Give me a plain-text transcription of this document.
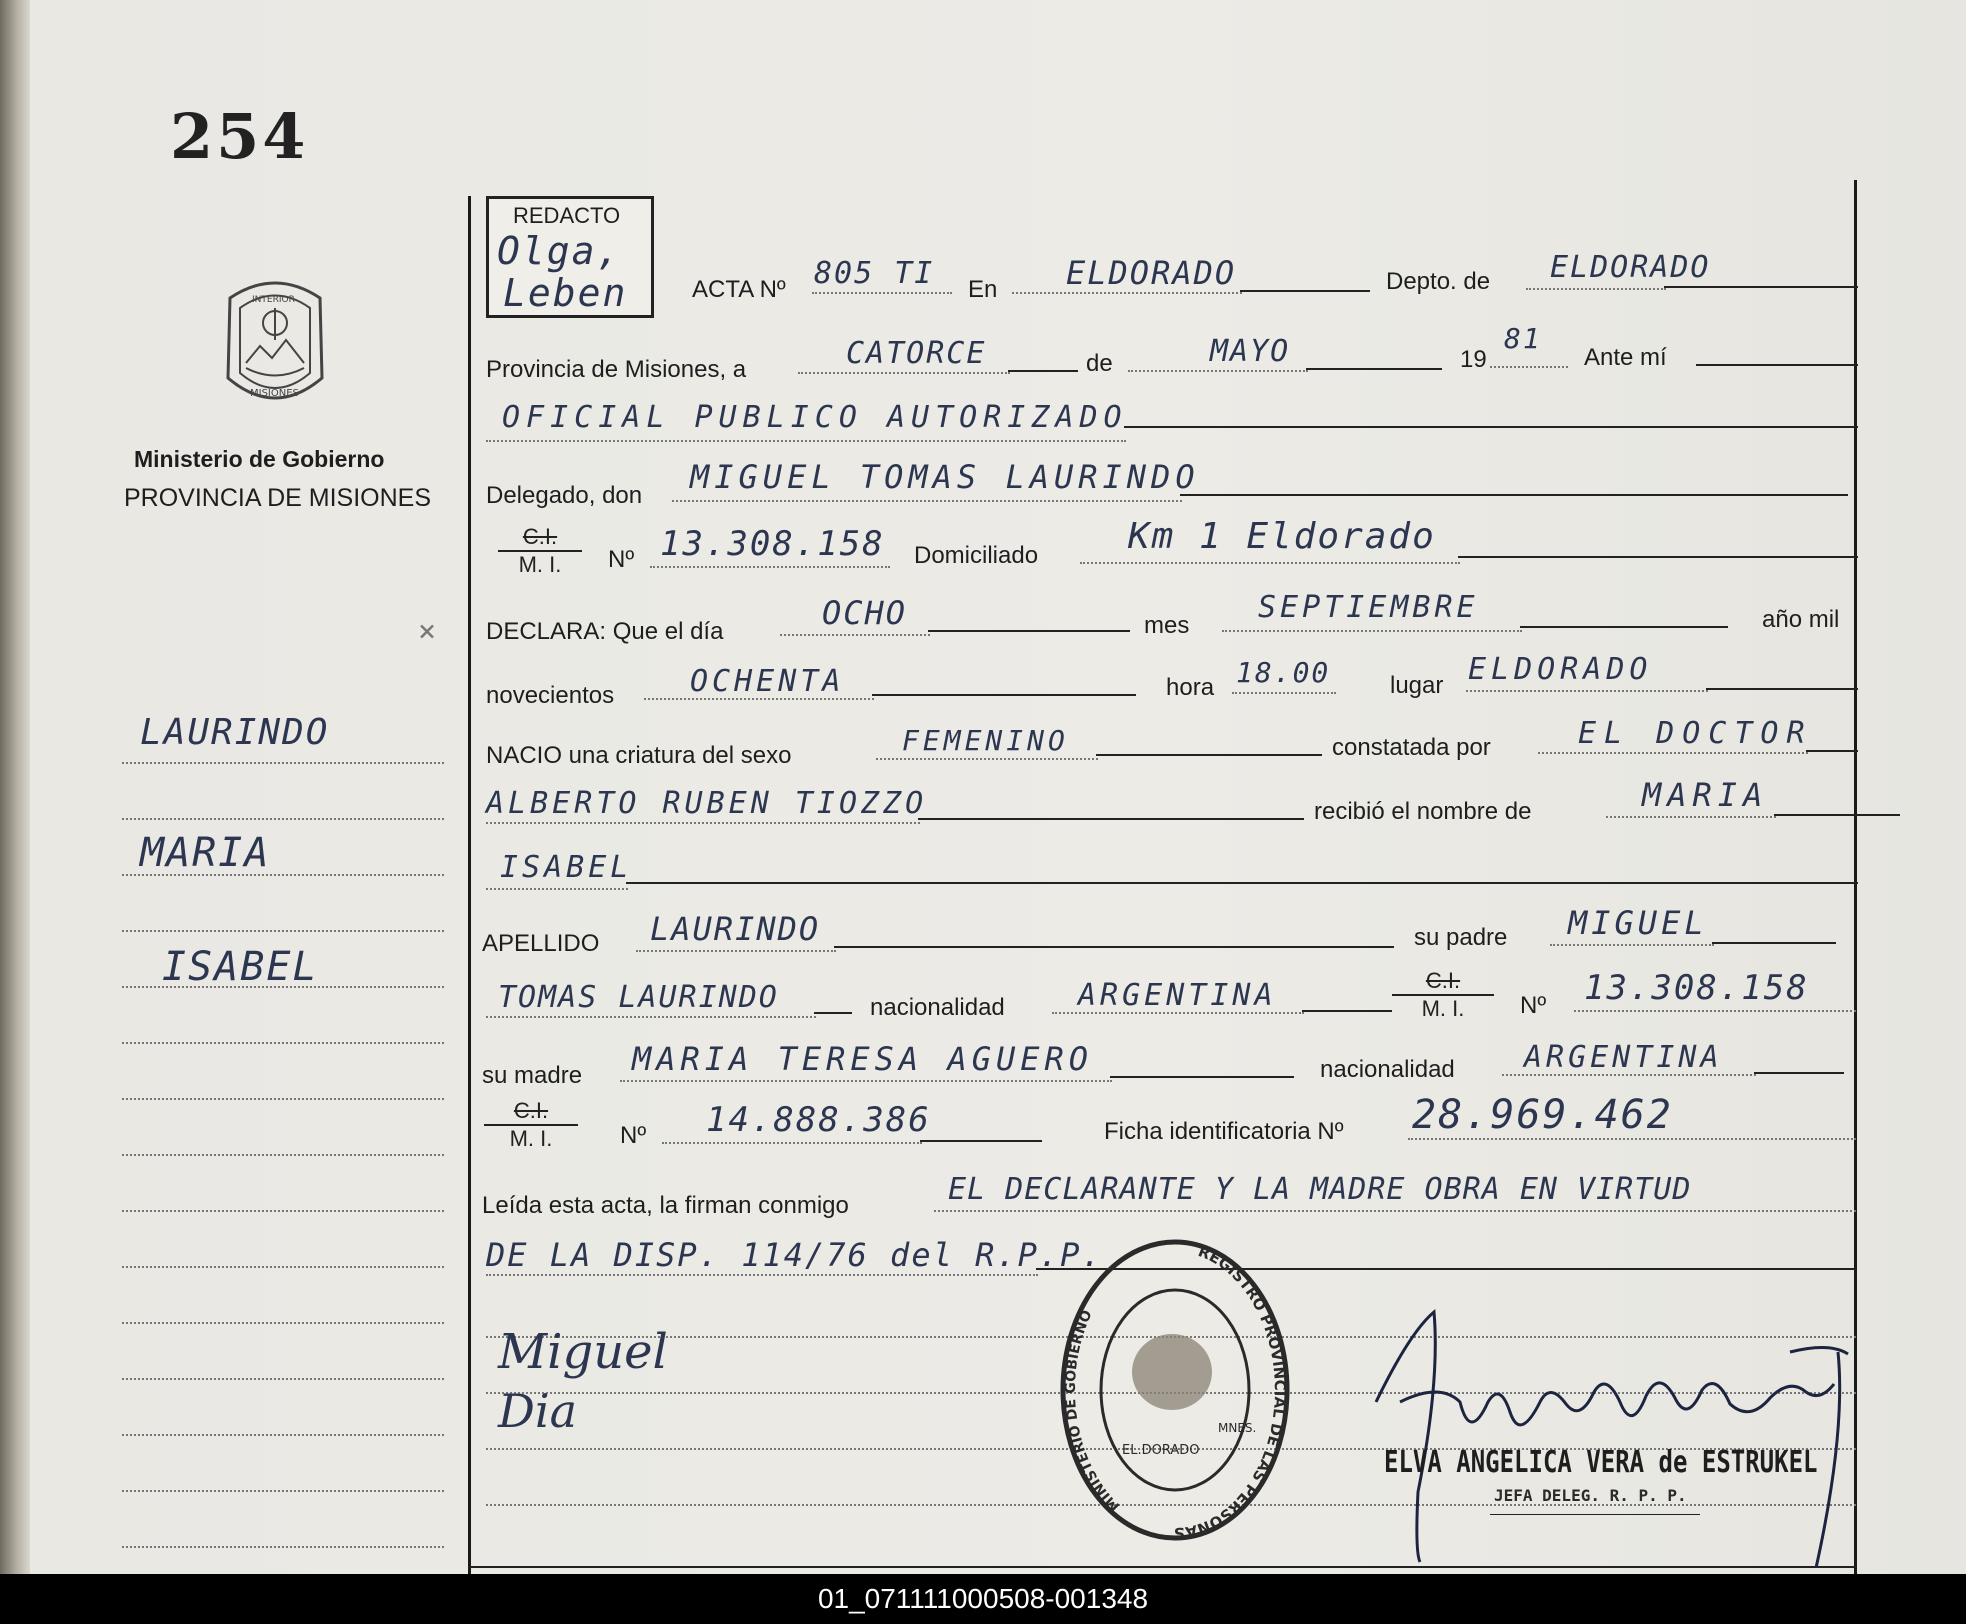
254
INTERIOR
MISIONES
Ministerio de Gobierno
PROVINCIA DE MISIONES
×
LAURINDO
MARIA
ISABEL
REDACTO
Olga,
Leben	ACTA Nº 805 TI En ELDORADO	Depto. de ELDORADO
Provincia de Misiones, a	CATORCE	de	MAYO	19
81
Ante mí
OFICIAL PUBLICO AUTORIZADO
Delegado, don MIGUEL TOMAS LAURINDO
$\frac{C.I.}{M. I.}$ Nº 13.308.158 Domiciliado Km 1 Eldorado
DECLARA: Que el día	OCHO	mes
SEPTIEMBRE	año mil
novecientos	OCHENTA	hora 18.00 lugar ELDORADO
NACIO una criatura del sexo	FEMENINO	constatada por	EL DOCTOR
ALBERTO RUBEN TIOZZO	recibió el nombre de	MARIA
ISABEL
APELLIDO LAURINDO	su padre MIGUEL
TOMAS LAURINDO	nacionalidad ARGENTINA	$\frac{C.I.}{M. I.}$ Nº 13.308.158
su madre MARIA TERESA AGUERO	nacionalidad ARGENTINA
$\frac{C.I.}{M. I.}$ Nº 14.888.386	Ficha identificatoria Nº 28.969.462
Leída esta acta, la firman conmigo	EL DECLARANTE Y LA MADRE OBRA EN VIRTUD
DE LA DISP. 114/76 del R.P.P.
Miguel
Dia
REGISTRO PROVINCIAL DE LAS PERSONAS
MINISTERIO DE GOBIERNO
EL.DORADO
MNES.
ELVA ANGELICA VERA de ESTRUKEL
JEFA DELEG. R. P. P.
01_071111000508-001348
